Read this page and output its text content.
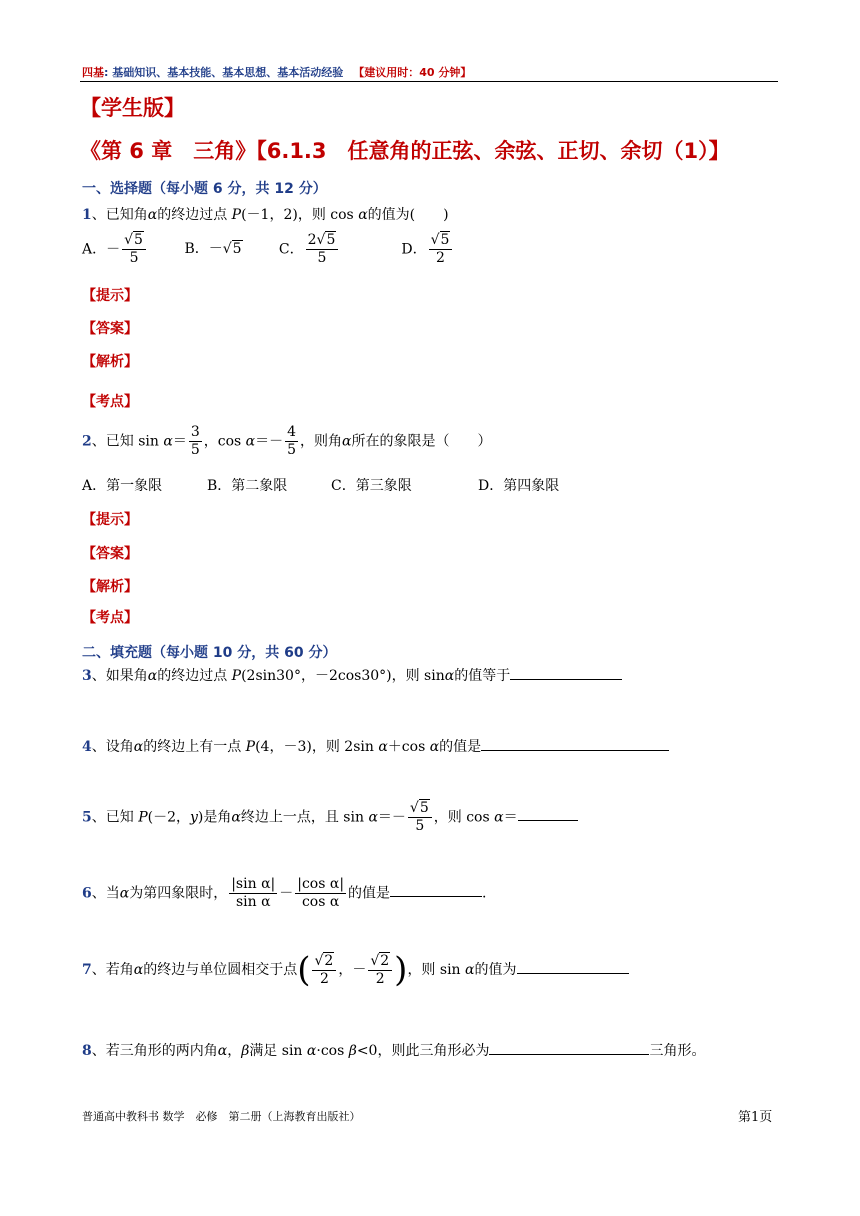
四基: 基础知识、基本技能、基本思想、基本活动经验 【建议用时：40 分钟】
【学生版】
《第 6 章　三角》【6.1.3　任意角的正弦、余弦、正切、余切（1）】
一、选择题（每小题 6 分，共 12 分）
1、已知角α的终边过点 P(－1，2)，则 cos α的值为(　　)
A．－ $\frac{√5}{5}$	B．－√5	C． $\frac{2√5}{5}$	D． $\frac{√5}{2}$
【提示】
【答案】
【解析】
【考点】
2、已知 $\sin \alpha= \frac{3}{5}$ ，$\cos \alpha=- \frac{4}{5}$ ，则角α所在的象限是（　　）
A．第一象限	B．第二象限	C．第三象限	D．第四象限
【提示】
【答案】
【解析】
【考点】
二、填充题（每小题 10 分，共 60 分）
3、如果角α的终边过点 P(2sin30°，－2cos30°)，则 sinα的值等于
4、设角α的终边上有一点 P(4，－3)，则 2sin α＋cos α的值是
5、已知 P(－2，y)是角α终边上一点，且 $\sin \alpha=- \frac{√5}{5}$ ，则 cos α＝
6、当α为第四象限时， $\frac{\text{|sin α|}}{\text{sin α}} - \frac{\text{|cos α|}}{\text{cos α}}$ 的值是	.
7、若角α的终边与单位圆相交于点( $\frac{√2}{2}$ ，－ $\frac{√2}{2}$ )，则 sin α的值为
8、若三角形的两内角α，β满足 sin α·cos β<0，则此三角形必为	三角形。
普通高中教科书 数学　必修　第二册（上海教育出版社）	第1页
